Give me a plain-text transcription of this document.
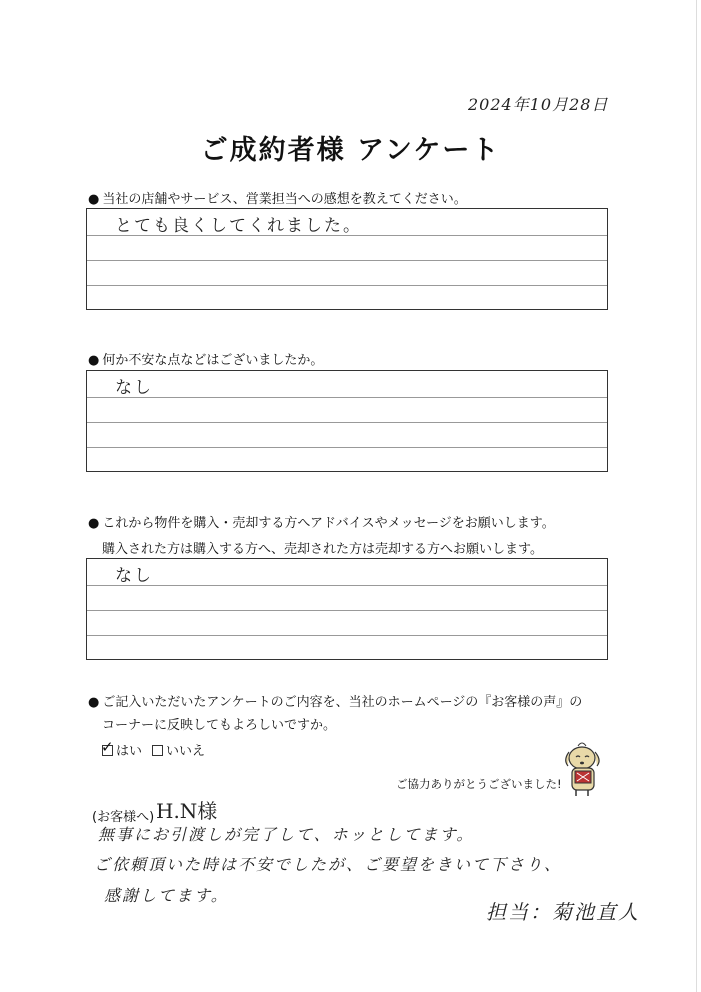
2024年10月28日
ご成約者様 アンケート
● 当社の店舗やサービス、営業担当への感想を教えてください。
とても良くしてくれました。
● 何か不安な点などはございましたか。
なし
● これから物件を購入・売却する方へアドバイスやメッセージをお願いします。
購入された方は購入する方へ、売却された方は売却する方へお願いします。
なし
● ご記入いただいたアンケートのご内容を、当社のホームページの『お客様の声』の
コーナーに反映してもよろしいですか。
✓ はい	いいえ
ご協力ありがとうございました!
(お客様へ) H.N様
無事にお引渡しが完了して、ホッとしてます。
ご依頼頂いた時は不安でしたが、ご要望をきいて下さり、
感謝してます。
担当：菊池直人
